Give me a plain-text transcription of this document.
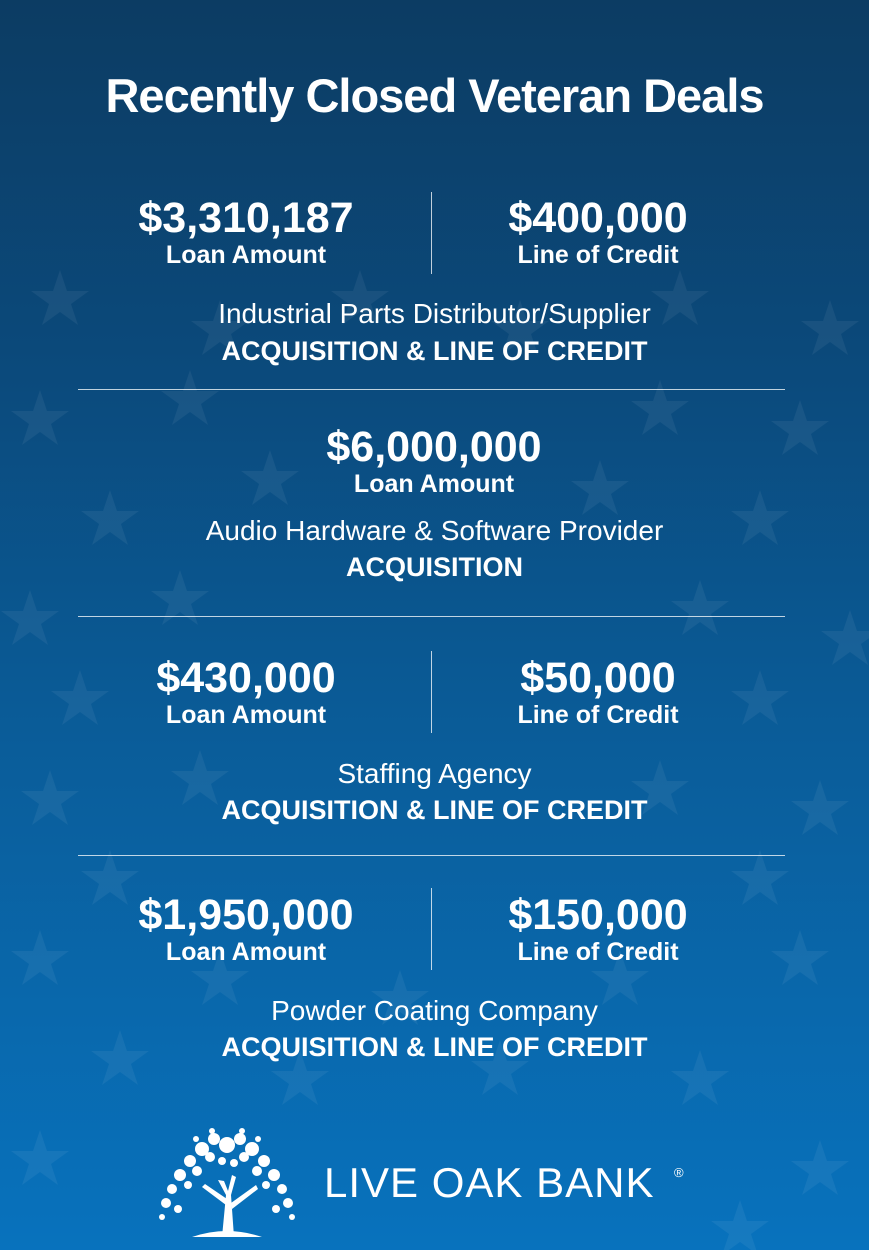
Recently Closed Veteran Deals
$3,310,187
Loan Amount
$400,000
Line of Credit
Industrial Parts Distributor/Supplier
ACQUISITION & LINE OF CREDIT
$6,000,000
Loan Amount
Audio Hardware & Software Provider
ACQUISITION
$430,000
Loan Amount
$50,000
Line of Credit
Staffing Agency
ACQUISITION & LINE OF CREDIT
$1,950,000
Loan Amount
$150,000
Line of Credit
Powder Coating Company
ACQUISITION & LINE OF CREDIT
LIVE OAK BANK ®
